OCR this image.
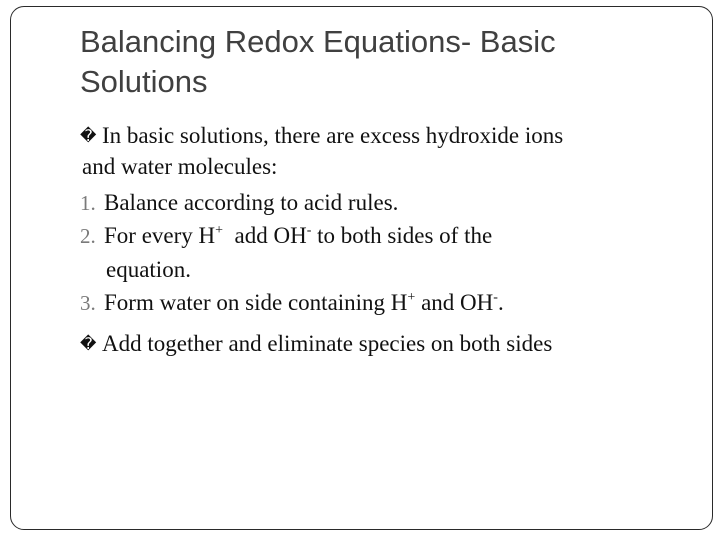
Balancing Redox Equations- Basic Solutions
� In basic solutions, there are excess hydroxide ions
and water molecules:
1. Balance according to acid rules.
2. For every H+  add OH- to both sides of the
equation.
3. Form water on side containing H+ and OH-.
� Add together and eliminate species on both sides
